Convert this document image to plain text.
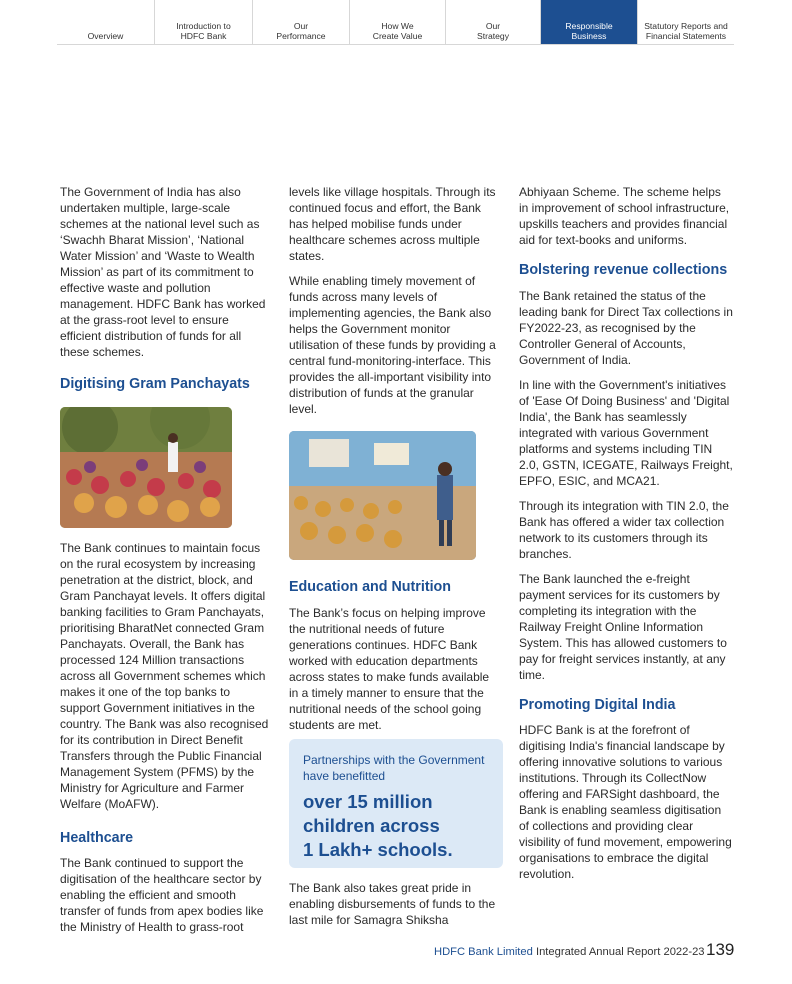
Overview
Introduction to
HDFC Bank
Our
Performance
How We
Create Value
Our
Strategy
Responsible
Business
Statutory Reports and
Financial Statements

The Government of India has also undertaken multiple, large-scale schemes at the national level such as ‘Swachh Bharat Mission’, ‘National Water Mission’ and ‘Waste to Wealth Mission’ as part of its commitment to effective waste and pollution management. HDFC Bank has worked at the grass-root level to ensure efficient distribution of funds for all these schemes.

Digitising Gram Panchayats

The Bank continues to maintain focus on the rural ecosystem by increasing penetration at the district, block, and Gram Panchayat levels. It offers digital banking facilities to Gram Panchayats, prioritising BharatNet connected Gram Panchayats. Overall, the Bank has processed 124 Million transactions across all Government schemes which makes it one of the top banks to support Government initiatives in the country. The Bank was also recognised for its contribution in Direct Benefit Transfers through the Public Financial Management System (PFMS) by the Ministry for Agriculture and Farmer Welfare (MoAFW).

Healthcare

The Bank continued to support the digitisation of the healthcare sector by enabling the efficient and smooth transfer of funds from apex bodies like the Ministry of Health to grass-root

levels like village hospitals. Through its continued focus and effort, the Bank has helped mobilise funds under healthcare schemes across multiple states.

While enabling timely movement of funds across many levels of implementing agencies, the Bank also helps the Government monitor utilisation of these funds by providing a central fund-monitoring-interface. This provides the all-important visibility into distribution of funds at the granular level.

Education and Nutrition

The Bank’s focus on helping improve the nutritional needs of future generations continues. HDFC Bank worked with education departments across states to make funds available in a timely manner to ensure that the nutritional needs of the school going students are met.

Partnerships with the Government have benefitted
over 15 million
children across
1 Lakh+ schools.

The Bank also takes great pride in enabling disbursements of funds to the last mile for Samagra Shiksha

Abhiyaan Scheme. The scheme helps in improvement of school infrastructure, upskills teachers and provides financial aid for text-books and uniforms.

Bolstering revenue collections

The Bank retained the status of the leading bank for Direct Tax collections in FY2022-23, as recognised by the Controller General of Accounts, Government of India.

In line with the Government's initiatives of 'Ease Of Doing Business' and 'Digital India', the Bank has seamlessly integrated with various Government platforms and systems including TIN 2.0, GSTN, ICEGATE, Railways Freight, EPFO, ESIC, and MCA21.

Through its integration with TIN 2.0, the Bank has offered a wider tax collection network to its customers through its branches.

The Bank launched the e-freight payment services for its customers by completing its integration with the Railway Freight Online Information System. This has allowed customers to pay for freight services instantly, at any time.

Promoting Digital India

HDFC Bank is at the forefront of digitising India's financial landscape by offering innovative solutions to various institutions. Through its CollectNow offering and FARSight dashboard, the Bank is enabling seamless digitisation of collections and providing clear visibility of fund movement, empowering organisations to embrace the digital revolution.

HDFC Bank Limited Integrated Annual Report 2022-23 139
